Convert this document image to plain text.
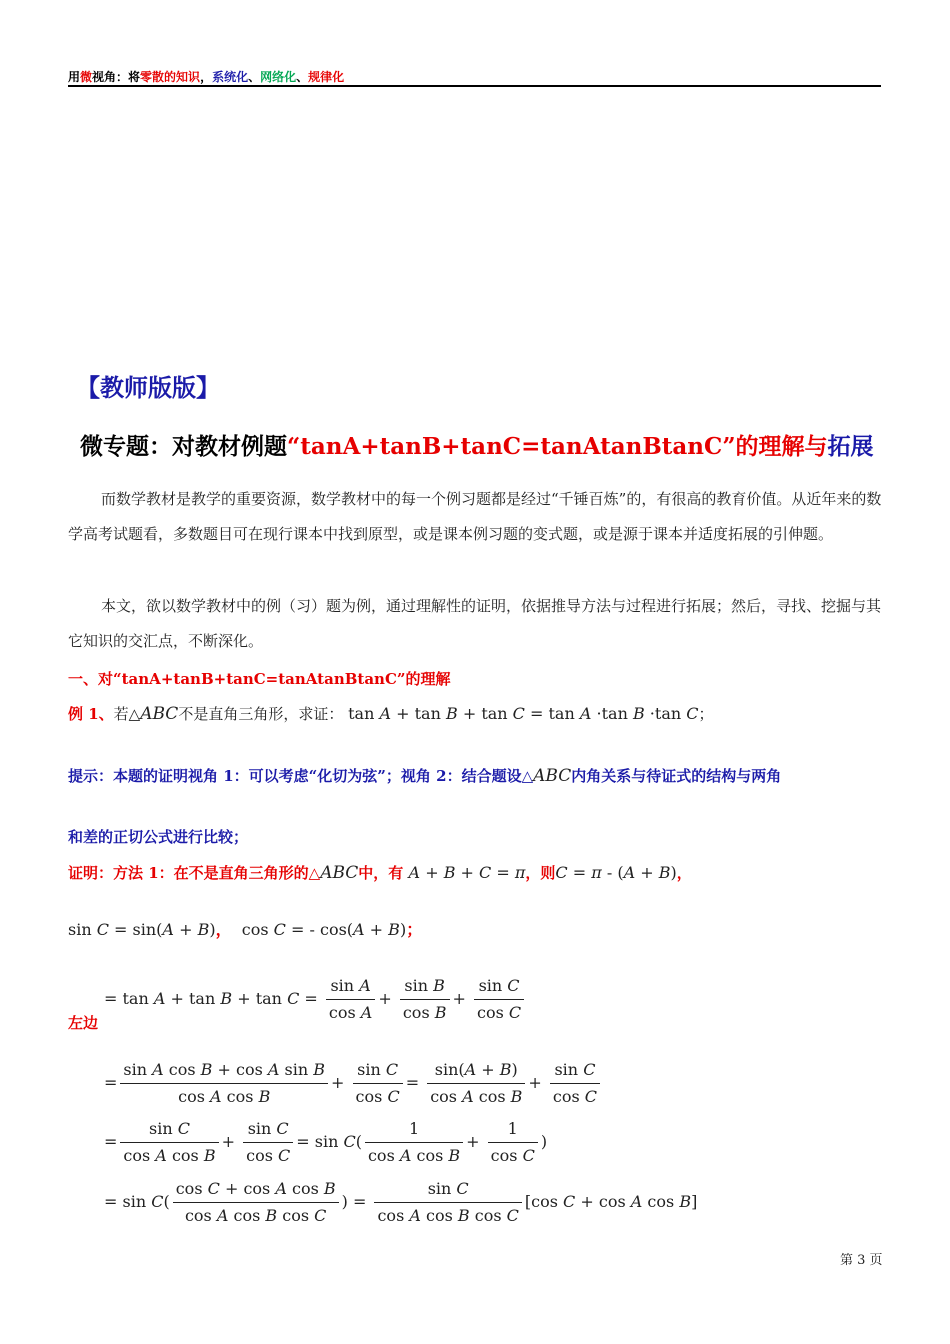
用微视角：将零散的知识，系统化、网络化、规律化
【教师版版】
微专题：对教材例题“tanA+tanB+tanC=tanAtanBtanC”的理解与拓展
而数学教材是教学的重要资源，数学教材中的每一个例习题都是经过“千锤百炼”的，有很高的教育价值。从近年来的数学高考试题看，多数题目可在现行课本中找到原型，或是课本例习题的变式题，或是源于课本并适度拓展的引伸题。
本文，欲以数学教材中的例（习）题为例，通过理解性的证明，依据推导方法与过程进行拓展；然后，寻找、挖掘与其它知识的交汇点，不断深化。
一、对“tanA+tanB+tanC=tanAtanBtanC”的理解
例 1、若△ABC不是直角三角形，求证： tan A + tan B + tan C = tan A ·tan B ·tan C；
提示：本题的证明视角 1：可以考虑“化切为弦”；视角 2：结合题设△ABC内角关系与待证式的结构与两角
和差的正切公式进行比较；
证明：方法 1：在不是直角三角形的△ABC中，有 A + B + C = π，则C = π - (A + B)，
sin C = sin(A + B)，  cos C = - cos(A + B)；
左边
= $\tan A + \tan B + \tan C = \frac{\text{sin A}}{\text{cos A}} + \frac{\text{sin B}}{\text{cos B}} + \frac{\text{sin C}}{\text{cos C}}$
= $\frac{\text{sin A cos B + cos A sin B}}{\text{cos A cos B}} + \frac{\text{sin C}}{\text{cos C}} = \frac{\sin(A + B)}{\text{cos A cos B}} + \frac{\text{sin C}}{\text{cos C}}$
= $\frac{\text{sin C}}{\text{cos A cos B}} + \frac{\text{sin C}}{\text{cos C}} = \sin C( \frac{1}{\text{cos A cos B}} + \frac{1}{\text{cos C}}$ )
= $\sin C( \frac{\text{cos C + cos A cos B}}{\text{cos A cos B cos C}}$ ) = $\frac{\text{sin C}}{\text{cos A cos B cos C}} [\cos$ C + cos A cos B]
第 3 页
